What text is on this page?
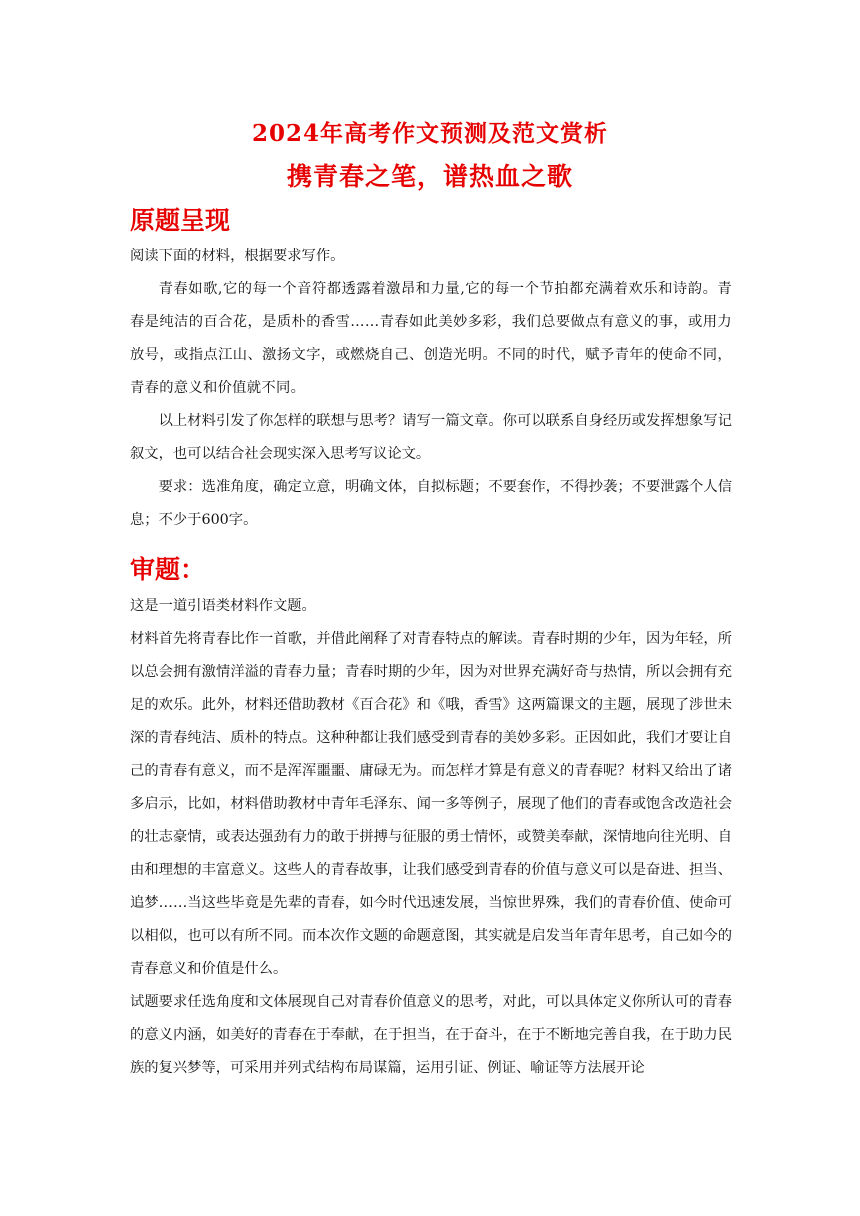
2024年高考作文预测及范文赏析
携青春之笔，谱热血之歌
原题呈现

阅读下面的材料，根据要求写作。

青春如歌,它的每一个音符都透露着激昂和力量,它的每一个节拍都充满着欢乐和诗韵。青春是纯洁的百合花，是质朴的香雪……青春如此美妙多彩，我们总要做点有意义的事，或用力放号，或指点江山、激扬文字，或燃烧自己、创造光明。不同的时代，赋予青年的使命不同，青春的意义和价值就不同。

以上材料引发了你怎样的联想与思考？请写一篇文章。你可以联系自身经历或发挥想象写记叙文，也可以结合社会现实深入思考写议论文。

要求：选准角度，确定立意，明确文体，自拟标题；不要套作，不得抄袭；不要泄露个人信息；不少于600字。

审题：

这是一道引语类材料作文题。

材料首先将青春比作一首歌，并借此阐释了对青春特点的解读。青春时期的少年，因为年轻，所以总会拥有激情洋溢的青春力量；青春时期的少年，因为对世界充满好奇与热情，所以会拥有充足的欢乐。此外，材料还借助教材《百合花》和《哦，香雪》这两篇课文的主题，展现了涉世未深的青春纯洁、质朴的特点。这种种都让我们感受到青春的美妙多彩。正因如此，我们才要让自己的青春有意义，而不是浑浑噩噩、庸碌无为。而怎样才算是有意义的青春呢？材料又给出了诸多启示，比如，材料借助教材中青年毛泽东、闻一多等例子，展现了他们的青春或饱含改造社会的壮志豪情，或表达强劲有力的敢于拼搏与征服的勇士情怀，或赞美奉献，深情地向往光明、自由和理想的丰富意义。这些人的青春故事，让我们感受到青春的价值与意义可以是奋进、担当、追梦……当这些毕竟是先辈的青春，如今时代迅速发展，当惊世界殊，我们的青春价值、使命可以相似，也可以有所不同。而本次作文题的命题意图，其实就是启发当年青年思考，自己如今的青春意义和价值是什么。

试题要求任选角度和文体展现自己对青春价值意义的思考，对此，可以具体定义你所认可的青春的意义内涵，如美好的青春在于奉献，在于担当，在于奋斗，在于不断地完善自我，在于助力民族的复兴梦等，可采用并列式结构布局谋篇，运用引证、例证、喻证等方法展开论
